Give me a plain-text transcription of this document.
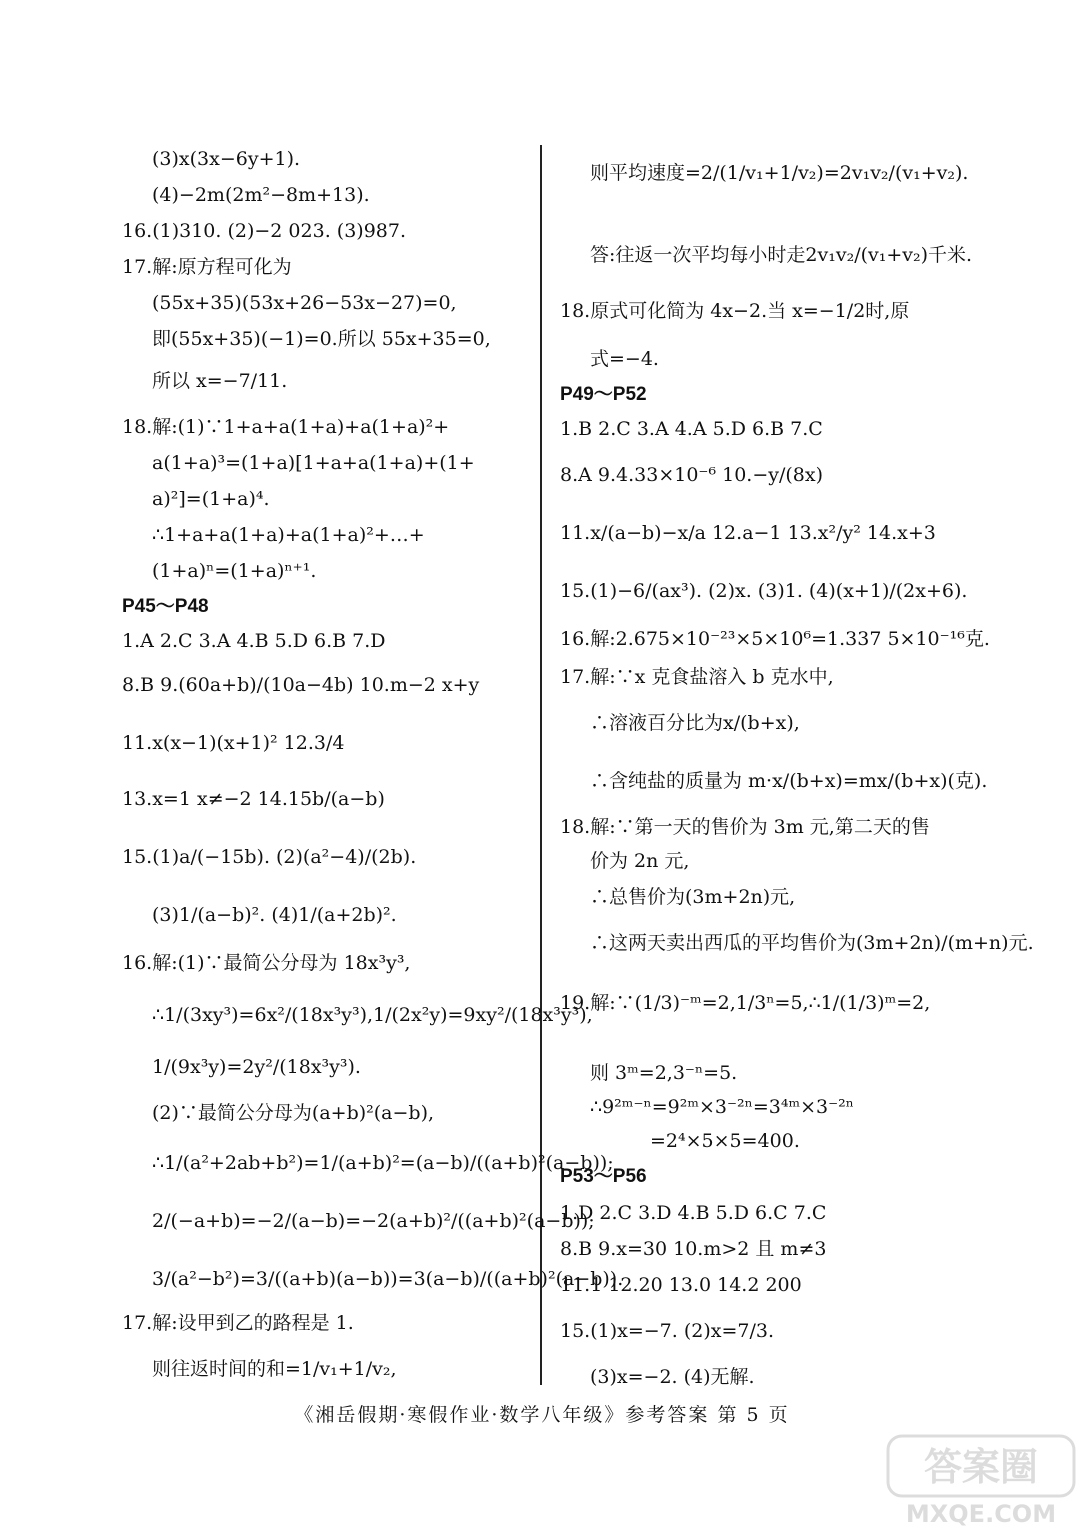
(3)x(3x−6y+1).
(4)−2m(2m²−8m+13).
16.(1)310. (2)−2 023. (3)987.
17.解:原方程可化为
(55x+35)(53x+26−53x−27)=0,
即(55x+35)(−1)=0.所以 55x+35=0,
所以 x=−7/11.
18.解:(1)∵1+a+a(1+a)+a(1+a)²+
a(1+a)³=(1+a)[1+a+a(1+a)+(1+
a)²]=(1+a)⁴.
∴1+a+a(1+a)+a(1+a)²+…+
(1+a)ⁿ=(1+a)ⁿ⁺¹.
P45～P48
1.A 2.C 3.A 4.B 5.D 6.B 7.D
8.B 9.(60a+b)/(10a−4b) 10.m−2 x+y
11.x(x−1)(x+1)² 12.3/4
13.x=1 x≠−2 14.15b/(a−b)
15.(1)a/(−15b). (2)(a²−4)/(2b).
(3)1/(a−b)². (4)1/(a+2b)².
16.解:(1)∵最简公分母为 18x³y³,
∴1/(3xy³)=6x²/(18x³y³),1/(2x²y)=9xy²/(18x³y³),
1/(9x³y)=2y²/(18x³y³).
(2)∵最简公分母为(a+b)²(a−b),
∴1/(a²+2ab+b²)=1/(a+b)²=(a−b)/((a+b)²(a−b));
2/(−a+b)=−2/(a−b)=−2(a+b)²/((a+b)²(a−b));
3/(a²−b²)=3/((a+b)(a−b))=3(a−b)/((a+b)²(a−b)).
17.解:设甲到乙的路程是 1.
则往返时间的和=1/v₁+1/v₂,
则平均速度=2/(1/v₁+1/v₂)=2v₁v₂/(v₁+v₂).
答:往返一次平均每小时走2v₁v₂/(v₁+v₂)千米.
18.原式可化简为 4x−2.当 x=−1/2时,原
式=−4.
P49～P52
1.B 2.C 3.A 4.A 5.D 6.B 7.C
8.A 9.4.33×10⁻⁶ 10.−y/(8x)
11.x/(a−b)−x/a 12.a−1 13.x²/y² 14.x+3
15.(1)−6/(ax³). (2)x. (3)1. (4)(x+1)/(2x+6).
16.解:2.675×10⁻²³×5×10⁶=1.337 5×10⁻¹⁶克.
17.解:∵x 克食盐溶入 b 克水中,
∴溶液百分比为x/(b+x),
∴含纯盐的质量为 m·x/(b+x)=mx/(b+x)(克).
18.解:∵第一天的售价为 3m 元,第二天的售
价为 2n 元,
∴总售价为(3m+2n)元,
∴这两天卖出西瓜的平均售价为(3m+2n)/(m+n)元.
19.解:∵(1/3)⁻ᵐ=2,1/3ⁿ=5,∴1/(1/3)ᵐ=2,
则 3ᵐ=2,3⁻ⁿ=5.
∴9²ᵐ⁻ⁿ=9²ᵐ×3⁻²ⁿ=3⁴ᵐ×3⁻²ⁿ
=2⁴×5×5=400.
P53～P56
1.D 2.C 3.D 4.B 5.D 6.C 7.C
8.B 9.x=30 10.m>2 且 m≠3
11.1 12.20 13.0 14.2 200
15.(1)x=−7. (2)x=7/3.
(3)x=−2. (4)无解.
《湘岳假期·寒假作业·数学八年级》参考答案 第 5 页
答案圈
MXQE.COM
